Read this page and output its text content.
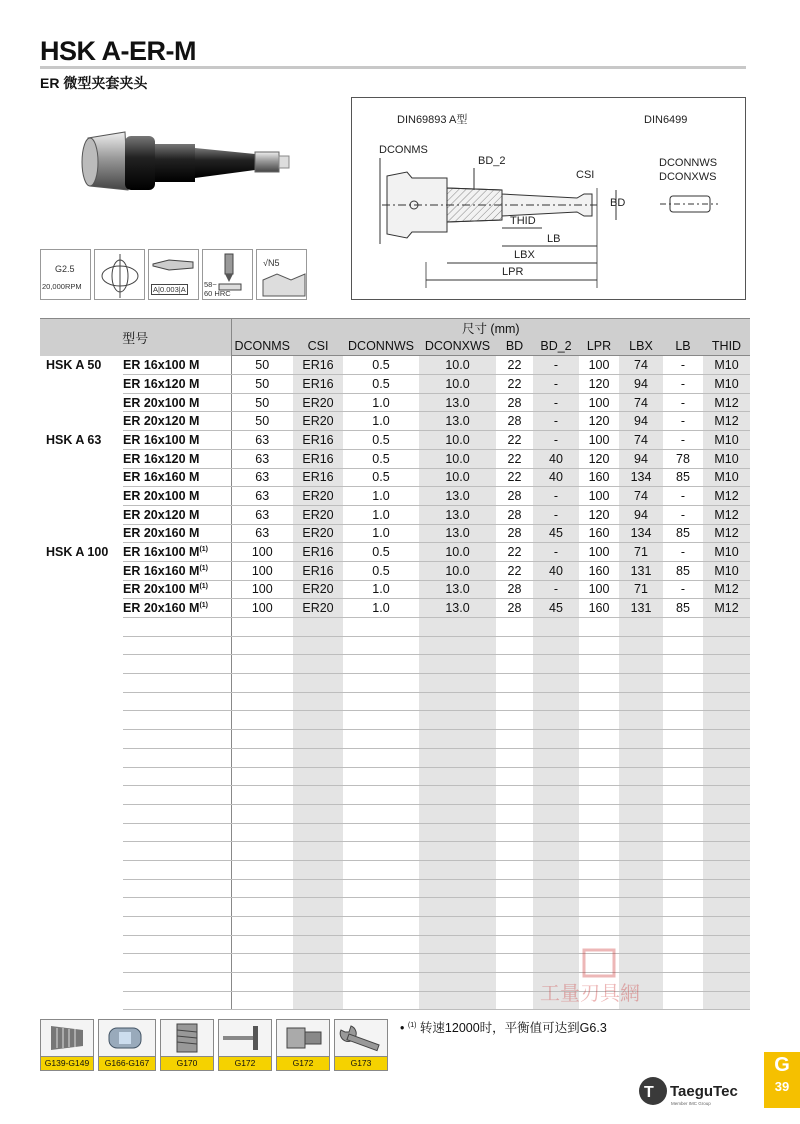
HSK A-ER-M
ER 微型夹套夹头
DIN69893 A型	DIN6499
DCONMS
BD_2
CSI
BD
THID
LB
LBX
LPR
DCONNWS
DCONXWS
G2.5
20,000RPM	A|0.003|A
58~
60 HRC
√N5
型号		尺寸 (mm)									
		DCONMS	CSI	DCONNWS	DCONXWS	BD	BD_2	LPR	LBX	LB	THID
HSK A 50	ER 16x100 M	50	ER16	0.5	10.0	22	-	100	74	-	M10
	ER 16x120 M	50	ER16	0.5	10.0	22	-	120	94	-	M10
	ER 20x100 M	50	ER20	1.0	13.0	28	-	100	74	-	M12
	ER 20x120 M	50	ER20	1.0	13.0	28	-	120	94	-	M12
HSK A 63	ER 16x100 M	63	ER16	0.5	10.0	22	-	100	74	-	M10
	ER 16x120 M	63	ER16	0.5	10.0	22	40	120	94	78	M10
	ER 16x160 M	63	ER16	0.5	10.0	22	40	160	134	85	M10
	ER 20x100 M	63	ER20	1.0	13.0	28	-	100	74	-	M12
	ER 20x120 M	63	ER20	1.0	13.0	28	-	120	94	-	M12
	ER 20x160 M	63	ER20	1.0	13.0	28	45	160	134	85	M12
HSK A 100	ER 16x100 $M^{(1)}$	100	ER16	0.5	10.0	22	-	100	71	-	M10
	ER 16x160 $M^{(1)}$	100	ER16	0.5	10.0	22	40	160	131	85	M10
	ER 20x100 $M^{(1)}$	100	ER20	1.0	13.0	28	-	100	71	-	M12
	ER 20x160 $M^{(1)}$	100	ER20	1.0	13.0	28	45	160	131	85	M12

G139-G149	G166-G167	G170	G172	G172	G173
• $^{(1)}$ 转速12000时，平衡值可达到G6.3
工量刃具網
T TaeguTec
Member IMC Group
G
39
